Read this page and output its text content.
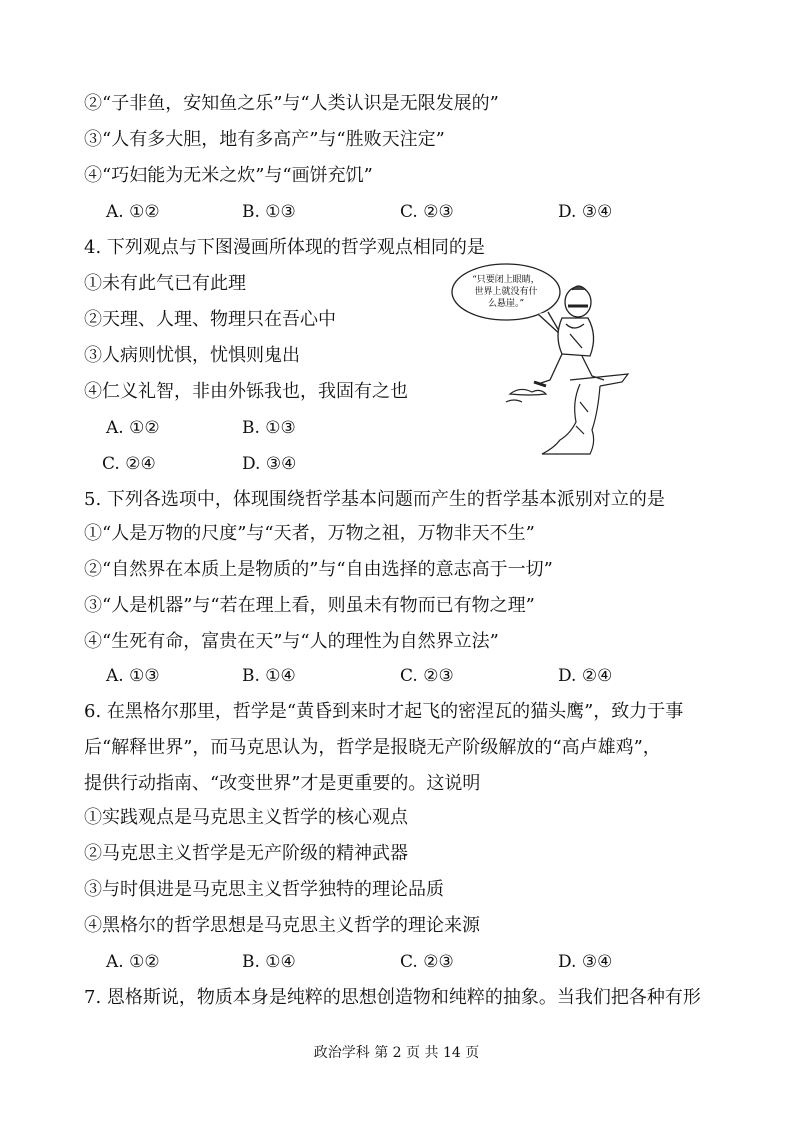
②“子非鱼，安知鱼之乐”与“人类认识是无限发展的”
③“人有多大胆，地有多高产”与“胜败天注定”
④“巧妇能为无米之炊”与“画饼充饥”
A. ①②	B. ①③	C. ②③	D. ③④
4. 下列观点与下图漫画所体现的哲学观点相同的是
①未有此气已有此理
②天理、人理、物理只在吾心中
③人病则忧惧，忧惧则鬼出
④仁义礼智，非由外铄我也，我固有之也
A. ①②	B. ①③
C. ②④	D. ③④
“只要闭上眼睛，
世界上就没有什
么悬崖。”
5. 下列各选项中，体现围绕哲学基本问题而产生的哲学基本派别对立的是
①“人是万物的尺度”与“天者，万物之祖，万物非天不生”
②“自然界在本质上是物质的”与“自由选择的意志高于一切”
③“人是机器”与“若在理上看，则虽未有物而已有物之理”
④“生死有命，富贵在天”与“人的理性为自然界立法”
A. ①③	B. ①④	C. ②③	D. ②④
6. 在黑格尔那里，哲学是“黄昏到来时才起飞的密涅瓦的猫头鹰”，致力于事
后“解释世界”，而马克思认为，哲学是报晓无产阶级解放的“高卢雄鸡”，
提供行动指南、“改变世界”才是更重要的。这说明
①实践观点是马克思主义哲学的核心观点
②马克思主义哲学是无产阶级的精神武器
③与时俱进是马克思主义哲学独特的理论品质
④黑格尔的哲学思想是马克思主义哲学的理论来源
A. ①②	B. ①④	C. ②③	D. ③④
7. 恩格斯说，物质本身是纯粹的思想创造物和纯粹的抽象。当我们把各种有形
政治学科 第 2 页 共 14 页
